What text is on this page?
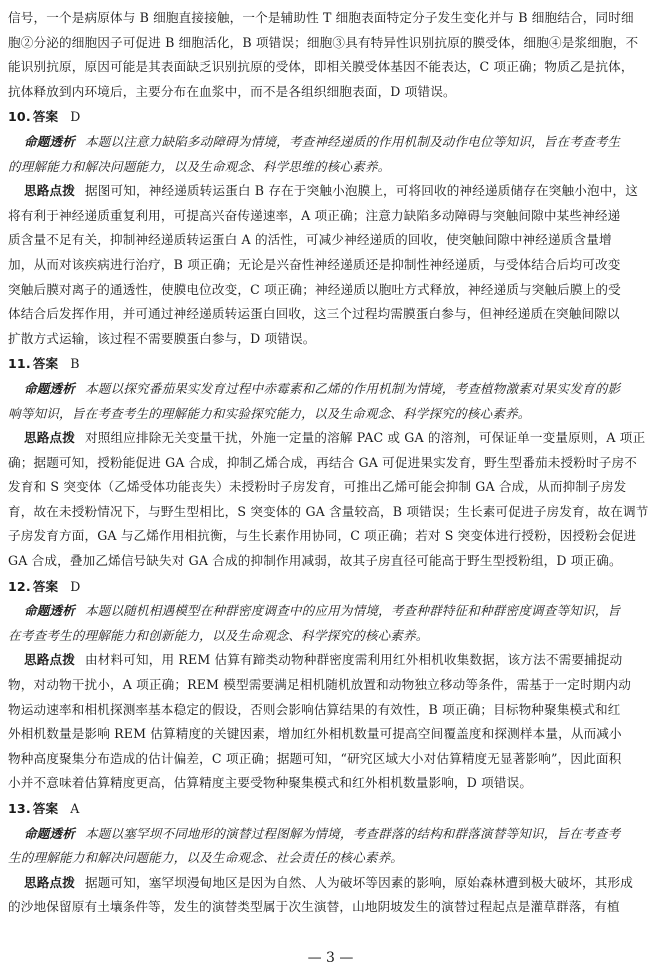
信号，一个是病原体与 B 细胞直接接触，一个是辅助性 T 细胞表面特定分子发生变化并与 B 细胞结合，同时细

胞②分泌的细胞因子可促进 B 细胞活化，B 项错误；细胞③具有特异性识别抗原的膜受体，细胞④是浆细胞，不

能识别抗原，原因可能是其表面缺乏识别抗原的受体，即相关膜受体基因不能表达，C 项正确；物质乙是抗体，

抗体释放到内环境后，主要分布在血浆中，而不是各组织细胞表面，D 项错误。

10. 答案 D

命题透析 本题以注意力缺陷多动障碍为情境，考查神经递质的作用机制及动作电位等知识，旨在考查考生

的理解能力和解决问题能力，以及生命观念、科学思维的核心素养。

思路点拨 据图可知，神经递质转运蛋白 B 存在于突触小泡膜上，可将回收的神经递质储存在突触小泡中，这

将有利于神经递质重复利用，可提高兴奋传递速率，A 项正确；注意力缺陷多动障碍与突触间隙中某些神经递

质含量不足有关，抑制神经递质转运蛋白 A 的活性，可减少神经递质的回收，使突触间隙中神经递质含量增

加，从而对该疾病进行治疗，B 项正确；无论是兴奋性神经递质还是抑制性神经递质，与受体结合后均可改变

突触后膜对离子的通透性，使膜电位改变，C 项正确；神经递质以胞吐方式释放，神经递质与突触后膜上的受

体结合后发挥作用，并可通过神经递质转运蛋白回收，这三个过程均需膜蛋白参与，但神经递质在突触间隙以

扩散方式运输，该过程不需要膜蛋白参与，D 项错误。

11. 答案 B

命题透析 本题以探究番茄果实发育过程中赤霉素和乙烯的作用机制为情境，考查植物激素对果实发育的影

响等知识，旨在考查考生的理解能力和实验探究能力，以及生命观念、科学探究的核心素养。

思路点拨 对照组应排除无关变量干扰，外施一定量的溶解 PAC 或 GA 的溶剂，可保证单一变量原则，A 项正

确；据题可知，授粉能促进 GA 合成，抑制乙烯合成，再结合 GA 可促进果实发育，野生型番茄未授粉时子房不

发育和 S 突变体（乙烯受体功能丧失）未授粉时子房发育，可推出乙烯可能会抑制 GA 合成，从而抑制子房发

育，故在未授粉情况下，与野生型相比，S 突变体的 GA 含量较高，B 项错误；生长素可促进子房发育，故在调节

子房发育方面，GA 与乙烯作用相抗衡，与生长素作用协同，C 项正确；若对 S 突变体进行授粉，因授粉会促进

GA 合成，叠加乙烯信号缺失对 GA 合成的抑制作用减弱，故其子房直径可能高于野生型授粉组，D 项正确。

12. 答案 D

命题透析 本题以随机相遇模型在种群密度调查中的应用为情境，考查种群特征和种群密度调查等知识，旨

在考查考生的理解能力和创新能力，以及生命观念、科学探究的核心素养。

思路点拨 由材料可知，用 REM 估算有蹄类动物种群密度需利用红外相机收集数据，该方法不需要捕捉动

物，对动物干扰小，A 项正确；REM 模型需要满足相机随机放置和动物独立移动等条件，需基于一定时期内动

物运动速率和相机探测率基本稳定的假设，否则会影响估算结果的有效性，B 项正确；目标物种聚集模式和红

外相机数量是影响 REM 估算精度的关键因素，增加红外相机数量可提高空间覆盖度和探测样本量，从而减小

物种高度聚集分布造成的估计偏差，C 项正确；据题可知，“研究区域大小对估算精度无显著影响”，因此面积

小并不意味着估算精度更高，估算精度主要受物种聚集模式和红外相机数量影响，D 项错误。

13. 答案 A

命题透析 本题以塞罕坝不同地形的演替过程图解为情境，考查群落的结构和群落演替等知识，旨在考查考

生的理解能力和解决问题能力，以及生命观念、社会责任的核心素养。

思路点拨 据题可知，塞罕坝漫甸地区是因为自然、人为破坏等因素的影响，原始森林遭到极大破坏，其形成

的沙地保留原有土壤条件等，发生的演替类型属于次生演替，山地阴坡发生的演替过程起点是灌草群落，有植

— 3 —
